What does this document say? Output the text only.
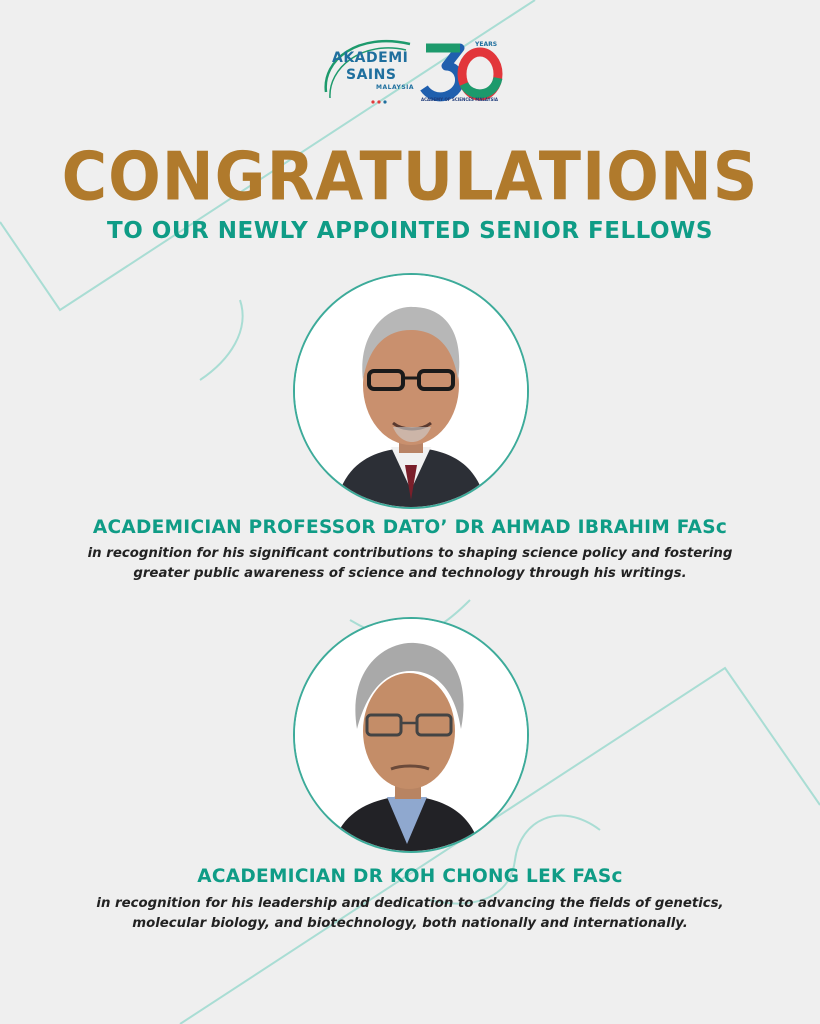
AKADEMI
SAINS
MALAYSIA
YEARS
ACADEMY OF SCIENCES MALAYSIA
CONGRATULATIONS
TO OUR NEWLY APPOINTED SENIOR FELLOWS
ACADEMICIAN PROFESSOR DATO’ DR AHMAD IBRAHIM FASc
in recognition for his significant contributions to shaping science policy and fostering
greater public awareness of science and technology through his writings.
ACADEMICIAN DR KOH CHONG LEK FASc
in recognition for his leadership and dedication to advancing the fields of genetics,
molecular biology, and biotechnology, both nationally and internationally.
